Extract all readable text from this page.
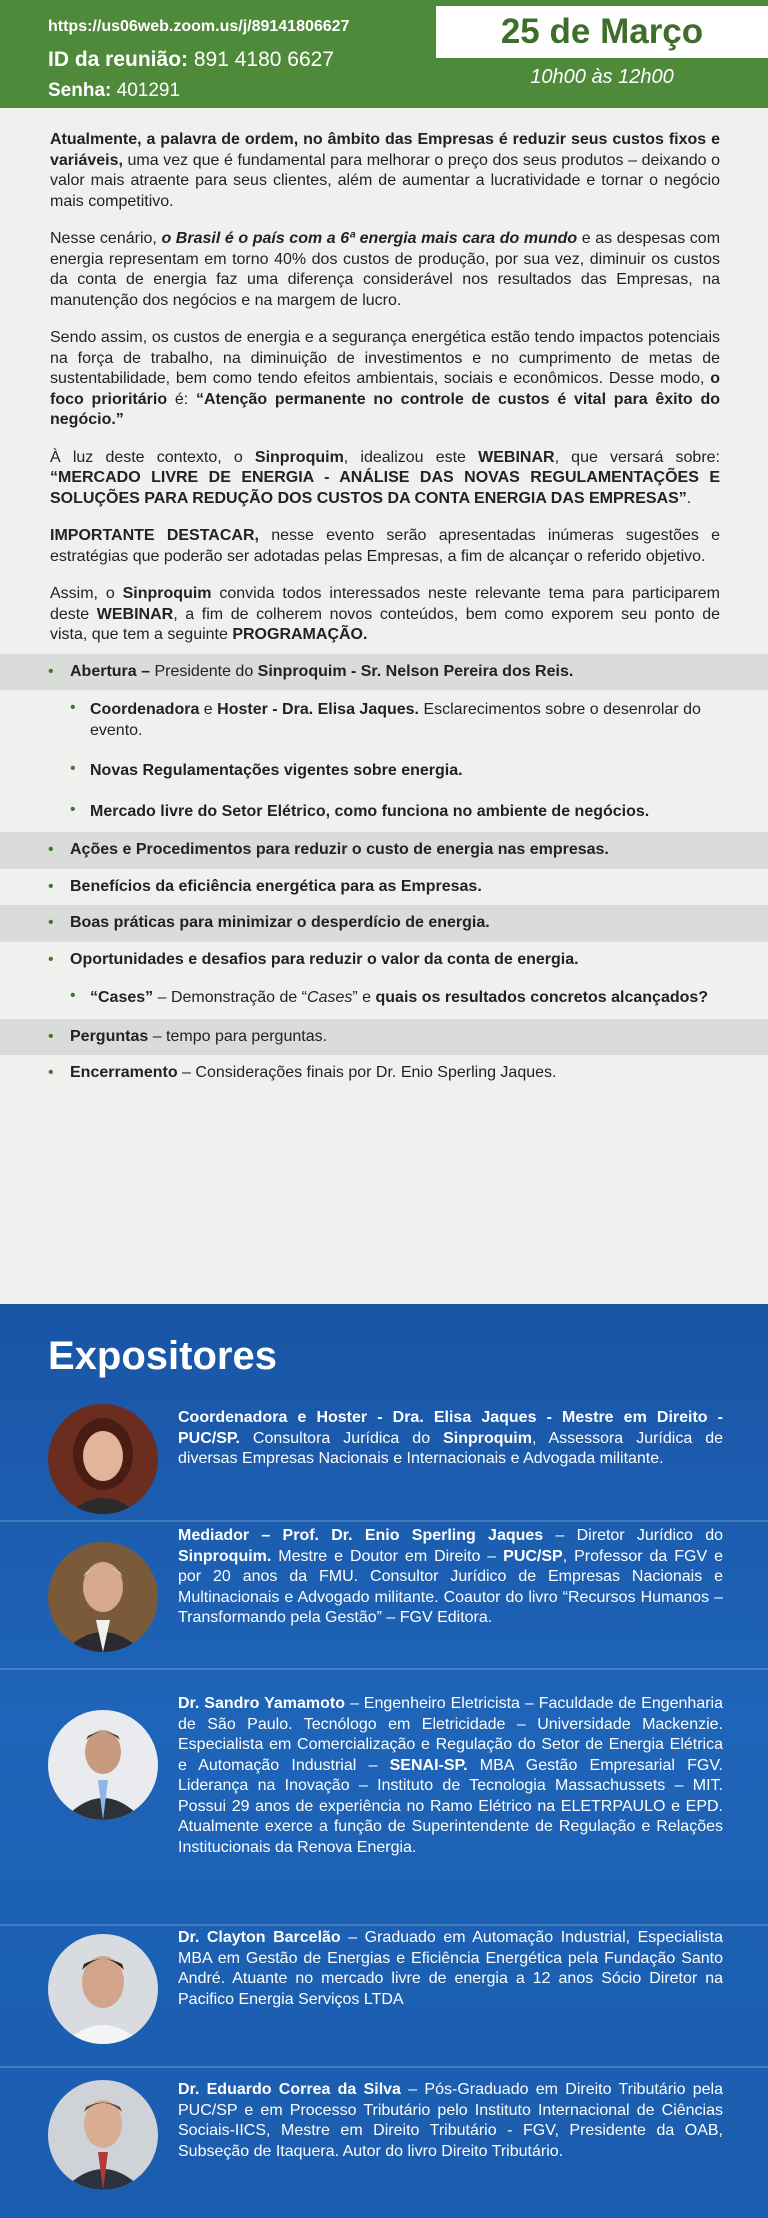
https://us06web.zoom.us/j/89141806627
ID da reunião: 891 4180 6627
Senha: 401291
25 de Março
10h00 às 12h00

Atualmente, a palavra de ordem, no âmbito das Empresas é reduzir seus custos fixos e variáveis, uma vez que é fundamental para melhorar o preço dos seus produtos – deixando o valor mais atraente para seus clientes, além de aumentar a lucratividade e tornar o negócio mais competitivo.

Nesse cenário, o Brasil é o país com a 6ª energia mais cara do mundo e as despesas com energia representam em torno 40% dos custos de produção, por sua vez, diminuir os custos da conta de energia faz uma diferença considerável nos resultados das Empresas, na manutenção dos negócios e na margem de lucro.

Sendo assim, os custos de energia e a segurança energética estão tendo impactos potenciais na força de trabalho, na diminuição de investimentos e no cumprimento de metas de sustentabilidade, bem como tendo efeitos ambientais, sociais e econômicos. Desse modo, o foco prioritário é: “Atenção permanente no controle de custos é vital para êxito do negócio.”

À luz deste contexto, o Sinproquim, idealizou este WEBINAR, que versará sobre: “MERCADO LIVRE DE ENERGIA - ANÁLISE DAS NOVAS REGULAMENTAÇÕES E SOLUÇÕES PARA REDUÇÃO DOS CUSTOS DA CONTA ENERGIA DAS EMPRESAS”.

IMPORTANTE DESTACAR, nesse evento serão apresentadas inúmeras sugestões e estratégias que poderão ser adotadas pelas Empresas, a fim de alcançar o referido objetivo.

Assim, o Sinproquim convida todos interessados neste relevante tema para participarem deste WEBINAR, a fim de colherem novos conteúdos, bem como exporem seu ponto de vista, que tem a seguinte PROGRAMAÇÃO.

• Abertura – Presidente do Sinproquim - Sr. Nelson Pereira dos Reis.
• Coordenadora e Hoster - Dra. Elisa Jaques. Esclarecimentos sobre o desenrolar do evento.
• Novas Regulamentações vigentes sobre energia.
• Mercado livre do Setor Elétrico, como funciona no ambiente de negócios.
• Ações e Procedimentos para reduzir o custo de energia nas empresas.
• Benefícios da eficiência energética para as Empresas.
• Boas práticas para minimizar o desperdício de energia.
• Oportunidades e desafios para reduzir o valor da conta de energia.
• “Cases” – Demonstração de “Cases” e quais os resultados concretos alcançados?
• Perguntas – tempo para perguntas.
• Encerramento – Considerações finais por Dr. Enio Sperling Jaques.
Expositores
Coordenadora e Hoster - Dra. Elisa Jaques - Mestre em Direito - PUC/SP. Consultora Jurídica do Sinproquim, Assessora Jurídica de diversas Empresas Nacionais e Internacionais e Advogada militante.
Mediador – Prof. Dr. Enio Sperling Jaques – Diretor Jurídico do Sinproquim. Mestre e Doutor em Direito – PUC/SP, Professor da FGV e por 20 anos da FMU. Consultor Jurídico de Empresas Nacionais e Multinacionais e Advogado militante. Coautor do livro “Recursos Humanos – Transformando pela Gestão” – FGV Editora.
Dr. Sandro Yamamoto – Engenheiro Eletricista – Faculdade de Engenharia de São Paulo. Tecnólogo em Eletricidade – Universidade Mackenzie. Especialista em Comercialização e Regulação do Setor de Energia Elétrica e Automação Industrial – SENAI-SP. MBA Gestão Empresarial FGV. Liderança na Inovação – Instituto de Tecnologia Massachussets – MIT. Possui 29 anos de experiência no Ramo Elétrico na ELETRPAULO e EPD. Atualmente exerce a função de Superintendente de Regulação e Relações Institucionais da Renova Energia.
Dr. Clayton Barcelão – Graduado em Automação Industrial, Especialista MBA em Gestão de Energias e Eficiência Energética pela Fundação Santo André. Atuante no mercado livre de energia a 12 anos Sócio Diretor na Pacifico Energia Serviços LTDA
Dr. Eduardo Correa da Silva – Pós-Graduado em Direito Tributário pela PUC/SP e em Processo Tributário pelo Instituto Internacional de Ciências Sociais-IICS, Mestre em Direito Tributário - FGV, Presidente da OAB, Subseção de Itaquera. Autor do livro Direito Tributário.
